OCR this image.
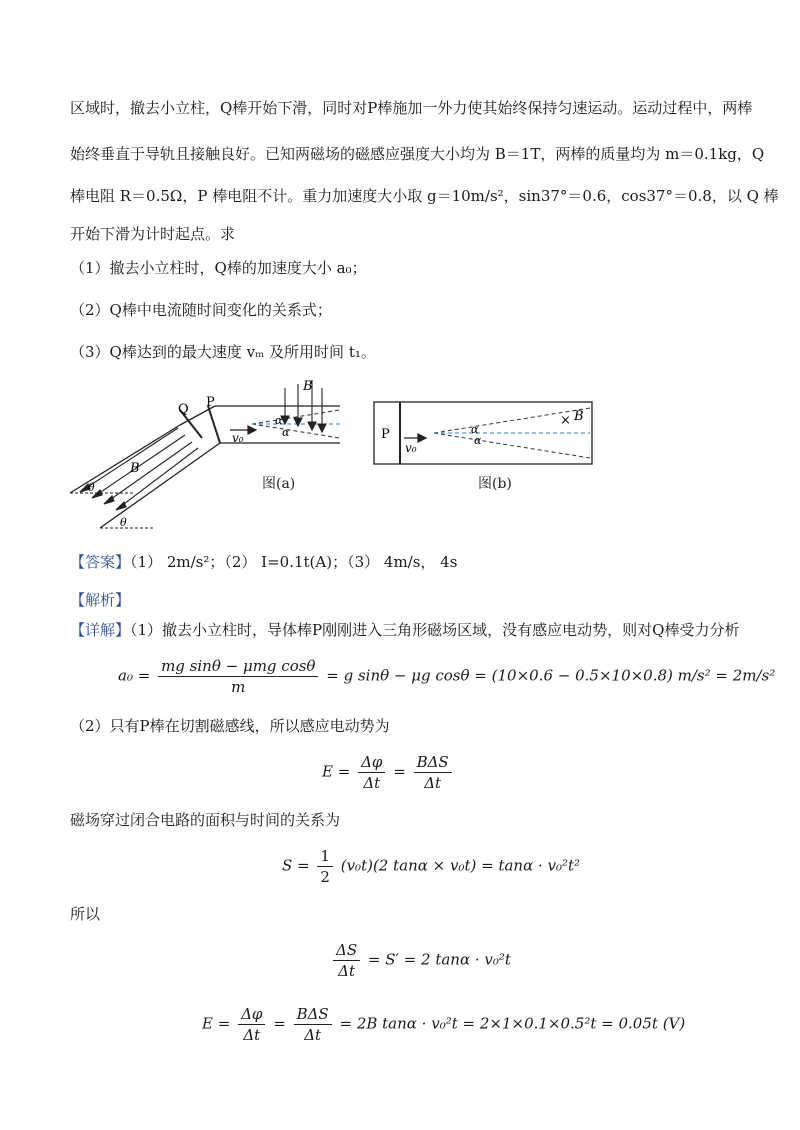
区域时，撤去小立柱，Q棒开始下滑，同时对P棒施加一外力使其始终保持匀速运动。运动过程中，两棒
始终垂直于导轨且接触良好。已知两磁场的磁感应强度大小均为 B＝1T，两棒的质量均为 m＝0.1kg，Q
棒电阻 R＝0.5Ω，P 棒电阻不计。重力加速度大小取 g＝10m/s²，sin37°＝0.6，cos37°＝0.8，以 Q 棒
开始下滑为计时起点。求
（1）撤去小立柱时，Q棒的加速度大小 a₀；
（2）Q棒中电流随时间变化的关系式；
（3）Q棒达到的最大速度 vₘ 及所用时间 t₁。
Q P
B
B
v₀
α
α
θ
θ
图(a)
P
v₀
α
α
× B
图(b)
【答案】（1） 2m/s²；（2） I=0.1t(A)；（3） 4m/s， 4s
【解析】
【详解】（1）撤去小立柱时，导体棒P刚刚进入三角形磁场区域，没有感应电动势，则对Q棒受力分析
$a_0 = \frac{\text{mg sinθ − μmg cosθ}}{m} = g$ sinθ − μg cosθ = (10×0.6 − 0.5×10×0.8) m/s² = 2m/s²
（2）只有P棒在切割磁感线，所以感应电动势为
$E = \frac{\Delta\varphi}{\Delta t} = \frac{\text{BΔS}}{\Delta t}$
磁场穿过闭合电路的面积与时间的关系为
$S = \frac{1}{2} (v_0t)(2$ tanα × v₀t) = tanα · v₀²t²
所以
$\frac{\Delta S}{\Delta t} = S' = 2$ tanα · v₀²t
$E = \frac{\Delta\varphi}{\Delta t} = \frac{\text{BΔS}}{\Delta t} = 2B$ tanα · v₀²t = 2×1×0.1×0.5²t = 0.05t (V)
